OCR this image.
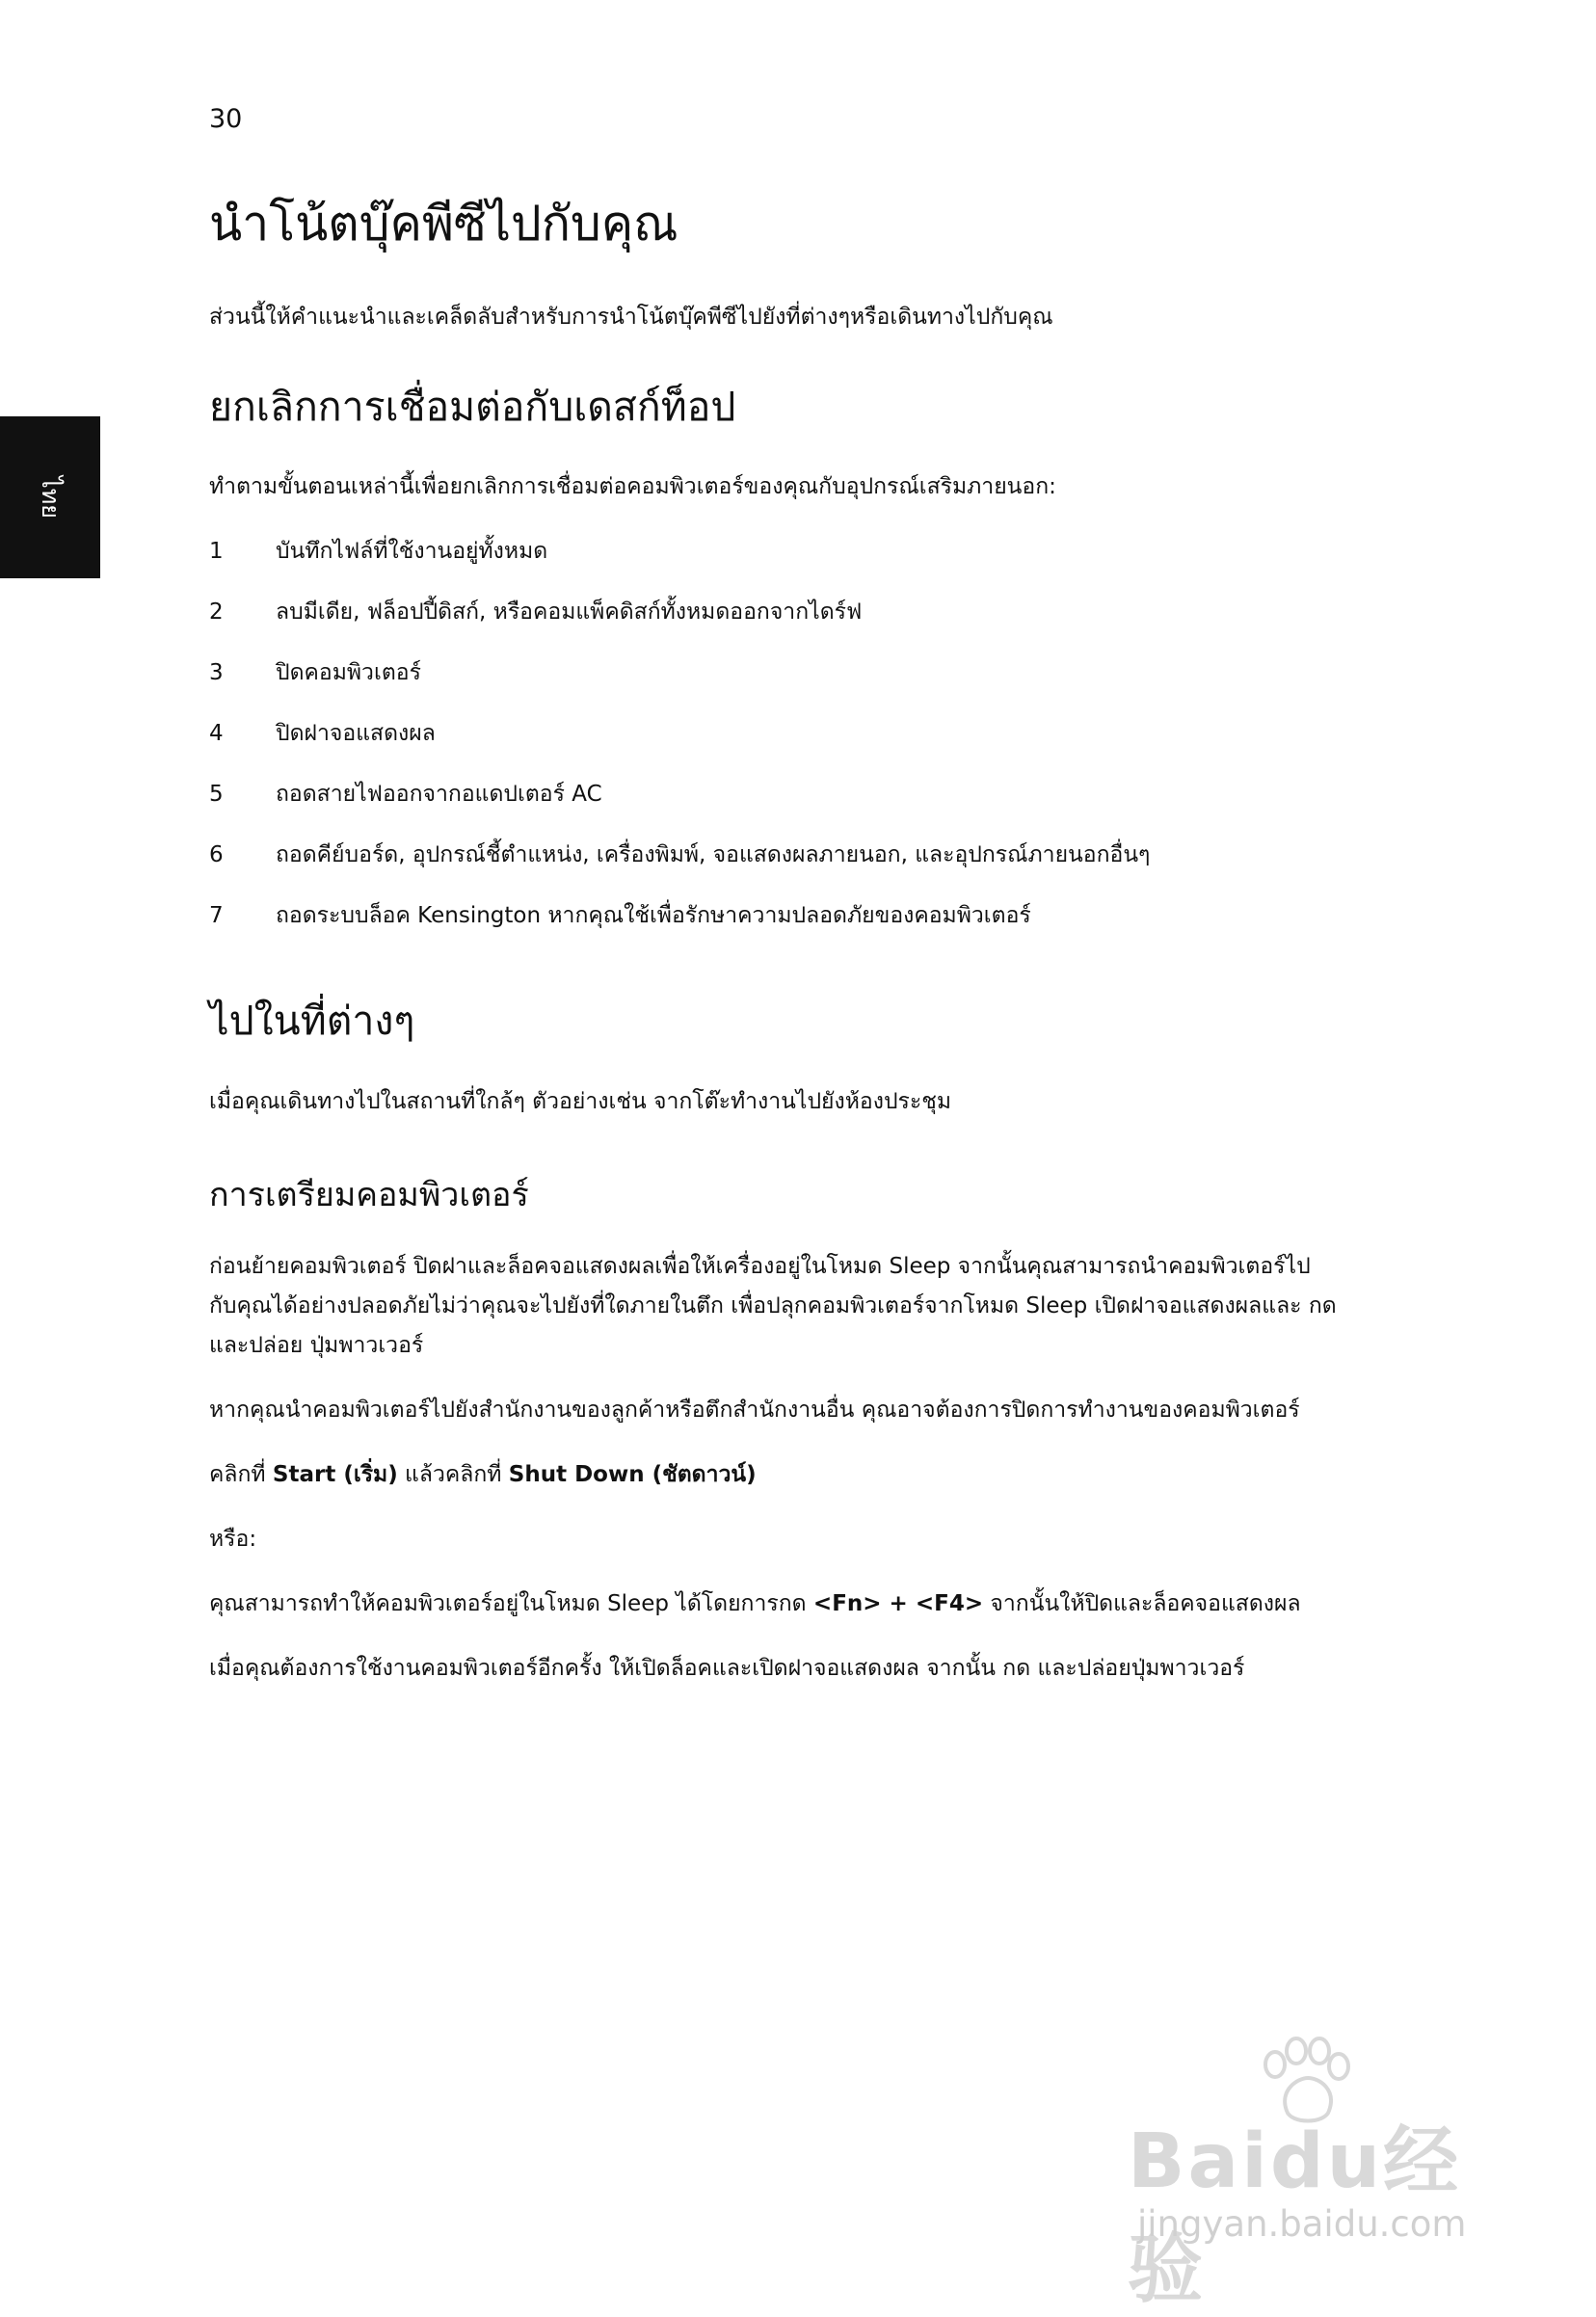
30
ไทย
นำโน้ตบุ๊คพีซีไปกับคุณ

ส่วนนี้ให้คำแนะนำและเคล็ดลับสำหรับการนำโน้ตบุ๊คพีซีไปยังที่ต่างๆหรือเดินทางไปกับคุณ

ยกเลิกการเชื่อมต่อกับเดสก์ท็อป

ทำตามขั้นตอนเหล่านี้เพื่อยกเลิกการเชื่อมต่อคอมพิวเตอร์ของคุณกับอุปกรณ์เสริมภายนอก:

1	บันทึกไฟล์ที่ใช้งานอยู่ทั้งหมด
2	ลบมีเดีย, ฟล็อปปี้ดิสก์, หรือคอมแพ็คดิสก์ทั้งหมดออกจากไดร์ฟ
3	ปิดคอมพิวเตอร์
4	ปิดฝาจอแสดงผล
5	ถอดสายไฟออกจากอแดปเตอร์ AC
6	ถอดคีย์บอร์ด, อุปกรณ์ชี้ตำแหน่ง, เครื่องพิมพ์, จอแสดงผลภายนอก, และอุปกรณ์ภายนอกอื่นๆ
7	ถอดระบบล็อค Kensington หากคุณใช้เพื่อรักษาความปลอดภัยของคอมพิวเตอร์
ไปในที่ต่างๆ

เมื่อคุณเดินทางไปในสถานที่ใกล้ๆ ตัวอย่างเช่น จากโต๊ะทำงานไปยังห้องประชุม

การเตรียมคอมพิวเตอร์

ก่อนย้ายคอมพิวเตอร์ ปิดฝาและล็อคจอแสดงผลเพื่อให้เครื่องอยู่ในโหมด Sleep จากนั้นคุณสามารถนำคอมพิวเตอร์ไปกับคุณได้อย่างปลอดภัยไม่ว่าคุณจะไปยังที่ใดภายในตึก เพื่อปลุกคอมพิวเตอร์จากโหมด Sleep เปิดฝาจอแสดงผลและ กด และปล่อย ปุ่มพาวเวอร์

หากคุณนำคอมพิวเตอร์ไปยังสำนักงานของลูกค้าหรือตึกสำนักงานอื่น คุณอาจต้องการปิดการทำงานของคอมพิวเตอร์

คลิกที่ Start (เริ่ม) แล้วคลิกที่ Shut Down (ชัตดาวน์)

หรือ:

คุณสามารถทำให้คอมพิวเตอร์อยู่ในโหมด Sleep ได้โดยการกด <Fn> + <F4> จากนั้นให้ปิดและล็อคจอแสดงผล

เมื่อคุณต้องการใช้งานคอมพิวเตอร์อีกครั้ง ให้เปิดล็อคและเปิดฝาจอแสดงผล จากนั้น กด และปล่อยปุ่มพาวเวอร์

Baidu经验
jingyan.baidu.com
